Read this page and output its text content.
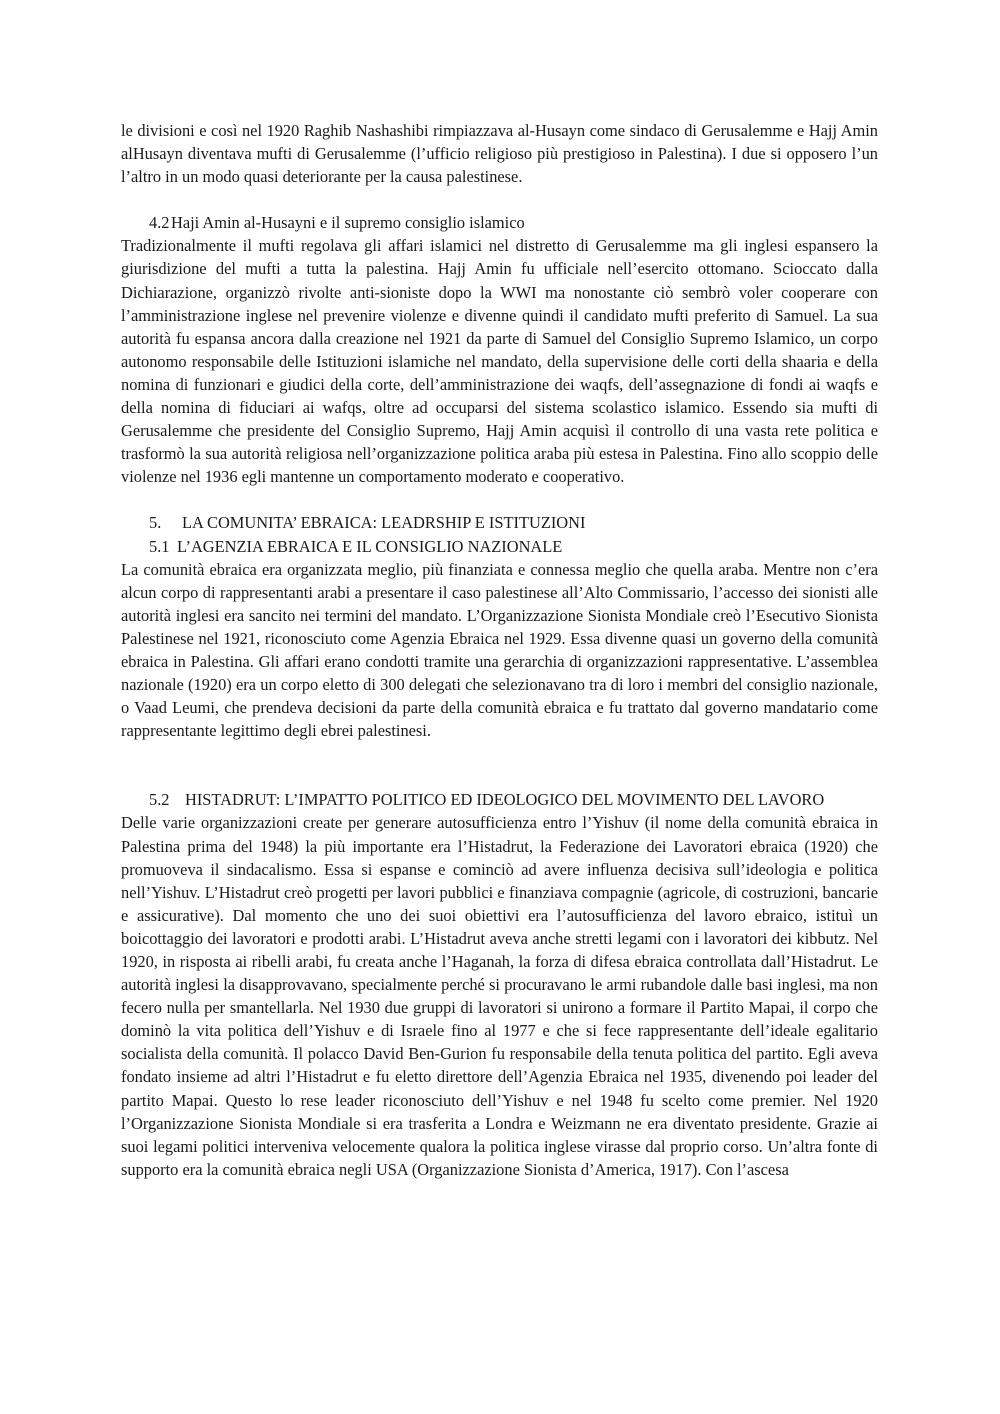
le divisioni e così nel 1920 Raghib Nashashibi rimpiazzava al-Husayn come sindaco di Gerusalemme e Hajj Amin alHusayn diventava mufti di Gerusalemme (l’ufficio religioso più prestigioso in Palestina). I due si opposero l’un l’altro in un modo quasi deteriorante per la causa palestinese.

4.2 Haji Amin al-Husayni e il supremo consiglio islamico

Tradizionalmente il mufti regolava gli affari islamici nel distretto di Gerusalemme ma gli inglesi espansero la giurisdizione del mufti a tutta la palestina. Hajj Amin fu ufficiale nell’esercito ottomano. Scioccato dalla Dichiarazione, organizzò rivolte anti-sioniste dopo la WWI ma nonostante ciò sembrò voler cooperare con l’amministrazione inglese nel prevenire violenze e divenne quindi il candidato mufti preferito di Samuel. La sua autorità fu espansa ancora dalla creazione nel 1921 da parte di Samuel del Consiglio Supremo Islamico, un corpo autonomo responsabile delle Istituzioni islamiche nel mandato, della supervisione delle corti della shaaria e della nomina di funzionari e giudici della corte, dell’amministrazione dei waqfs, dell’assegnazione di fondi ai waqfs e della nomina di fiduciari ai wafqs, oltre ad occuparsi del sistema scolastico islamico. Essendo sia mufti di Gerusalemme che presidente del Consiglio Supremo, Hajj Amin acquisì il controllo di una vasta rete politica e trasformò la sua autorità religiosa nell’organizzazione politica araba più estesa in Palestina. Fino allo scoppio delle violenze nel 1936 egli mantenne un comportamento moderato e cooperativo.

5.	LA COMUNITA’ EBRAICA: LEADRSHIP E ISTITUZIONI

5.1 L’AGENZIA EBRAICA E IL CONSIGLIO NAZIONALE

La comunità ebraica era organizzata meglio, più finanziata e connessa meglio che quella araba. Mentre non c’era alcun corpo di rappresentanti arabi a presentare il caso palestinese all’Alto Commissario, l’accesso dei sionisti alle autorità inglesi era sancito nei termini del mandato. L’Organizzazione Sionista Mondiale creò l’Esecutivo Sionista Palestinese nel 1921, riconosciuto come Agenzia Ebraica nel 1929. Essa divenne quasi un governo della comunità ebraica in Palestina. Gli affari erano condotti tramite una gerarchia di organizzazioni rappresentative. L’assemblea nazionale (1920) era un corpo eletto di 300 delegati che selezionavano tra di loro i membri del consiglio nazionale, o Vaad Leumi, che prendeva decisioni da parte della comunità ebraica e fu trattato dal governo mandatario come rappresentante legittimo degli ebrei palestinesi.

5.2 HISTADRUT: L’IMPATTO POLITICO ED IDEOLOGICO DEL MOVIMENTO DEL LAVORO

Delle varie organizzazioni create per generare autosufficienza entro l’Yishuv (il nome della comunità ebraica in Palestina prima del 1948) la più importante era l’Histadrut, la Federazione dei Lavoratori ebraica (1920) che promuoveva il sindacalismo. Essa si espanse e cominciò ad avere influenza decisiva sull’ideologia e politica nell’Yishuv. L’Histadrut creò progetti per lavori pubblici e finanziava compagnie (agricole, di costruzioni, bancarie e assicurative). Dal momento che uno dei suoi obiettivi era l’autosufficienza del lavoro ebraico, istituì un boicottaggio dei lavoratori e prodotti arabi. L’Histadrut aveva anche stretti legami con i lavoratori dei kibbutz. Nel 1920, in risposta ai ribelli arabi, fu creata anche l’Haganah, la forza di difesa ebraica controllata dall’Histadrut. Le autorità inglesi la disapprovavano, specialmente perché si procuravano le armi rubandole dalle basi inglesi, ma non fecero nulla per smantellarla. Nel 1930 due gruppi di lavoratori si unirono a formare il Partito Mapai, il corpo che dominò la vita politica dell’Yishuv e di Israele fino al 1977 e che si fece rappresentante dell’ideale egalitario socialista della comunità. Il polacco David Ben-Gurion fu responsabile della tenuta politica del partito. Egli aveva fondato insieme ad altri l’Histadrut e fu eletto direttore dell’Agenzia Ebraica nel 1935, divenendo poi leader del partito Mapai. Questo lo rese leader riconosciuto dell’Yishuv e nel 1948 fu scelto come premier. Nel 1920 l’Organizzazione Sionista Mondiale si era trasferita a Londra e Weizmann ne era diventato presidente. Grazie ai suoi legami politici interveniva velocemente qualora la politica inglese virasse dal proprio corso. Un’altra fonte di supporto era la comunità ebraica negli USA (Organizzazione Sionista d’America, 1917). Con l’ascesa
